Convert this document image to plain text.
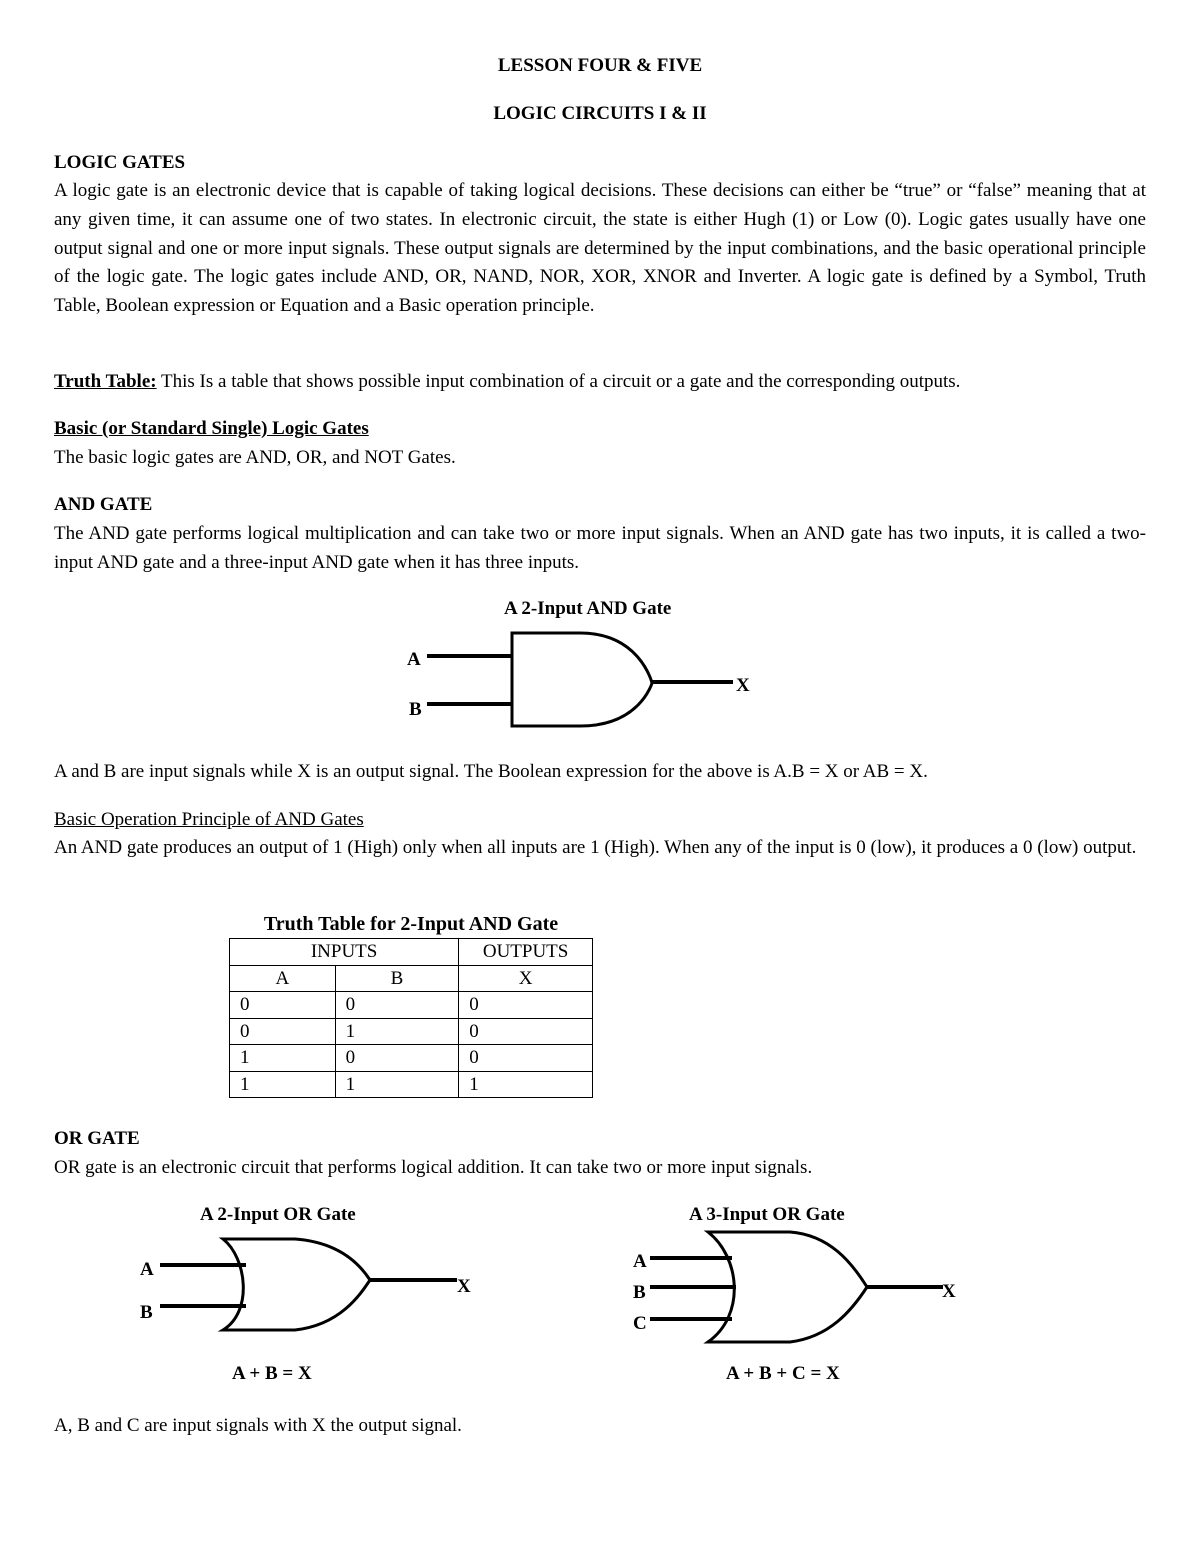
LESSON FOUR & FIVE
LOGIC CIRCUITS I & II
LOGIC GATES

A logic gate is an electronic device that is capable of taking logical decisions. These decisions can either be “true” or “false” meaning that at any given time, it can assume one of two states. In electronic circuit, the state is either Hugh (1) or Low (0). Logic gates usually have one output signal and one or more input signals. These output signals are determined by the input combinations, and the basic operational principle of the logic gate. The logic gates include AND, OR, NAND, NOR, XOR, XNOR and Inverter. A logic gate is defined by a Symbol, Truth Table, Boolean expression or Equation and a Basic operation principle.

Truth Table: This Is a table that shows possible input combination of a circuit or a gate and the corresponding outputs.

Basic (or Standard Single) Logic Gates

The basic logic gates are AND, OR, and NOT Gates.

AND GATE

The AND gate performs logical multiplication and can take two or more input signals. When an AND gate has two inputs, it is called a two-input AND gate and a three-input AND gate when it has three inputs.

A 2-Input AND Gate
A
B
X

A and B are input signals while X is an output signal. The Boolean expression for the above is A.B = X or AB = X.

Basic Operation Principle of AND Gates

An AND gate produces an output of 1 (High) only when all inputs are 1 (High). When any of the input is 0 (low), it produces a 0 (low) output.

Truth Table for 2-Input AND Gate
INPUTS		OUTPUTS
A	B	X
0	0	0
0	1	0
1	0	0
1	1	1
OR GATE

OR gate is an electronic circuit that performs logical addition. It can take two or more input signals.

A 2-Input OR Gate	A 3-Input OR Gate
A
B
X
A
B
C
X
A + B = X	A + B + C = X

A, B and C are input signals with X the output signal.
